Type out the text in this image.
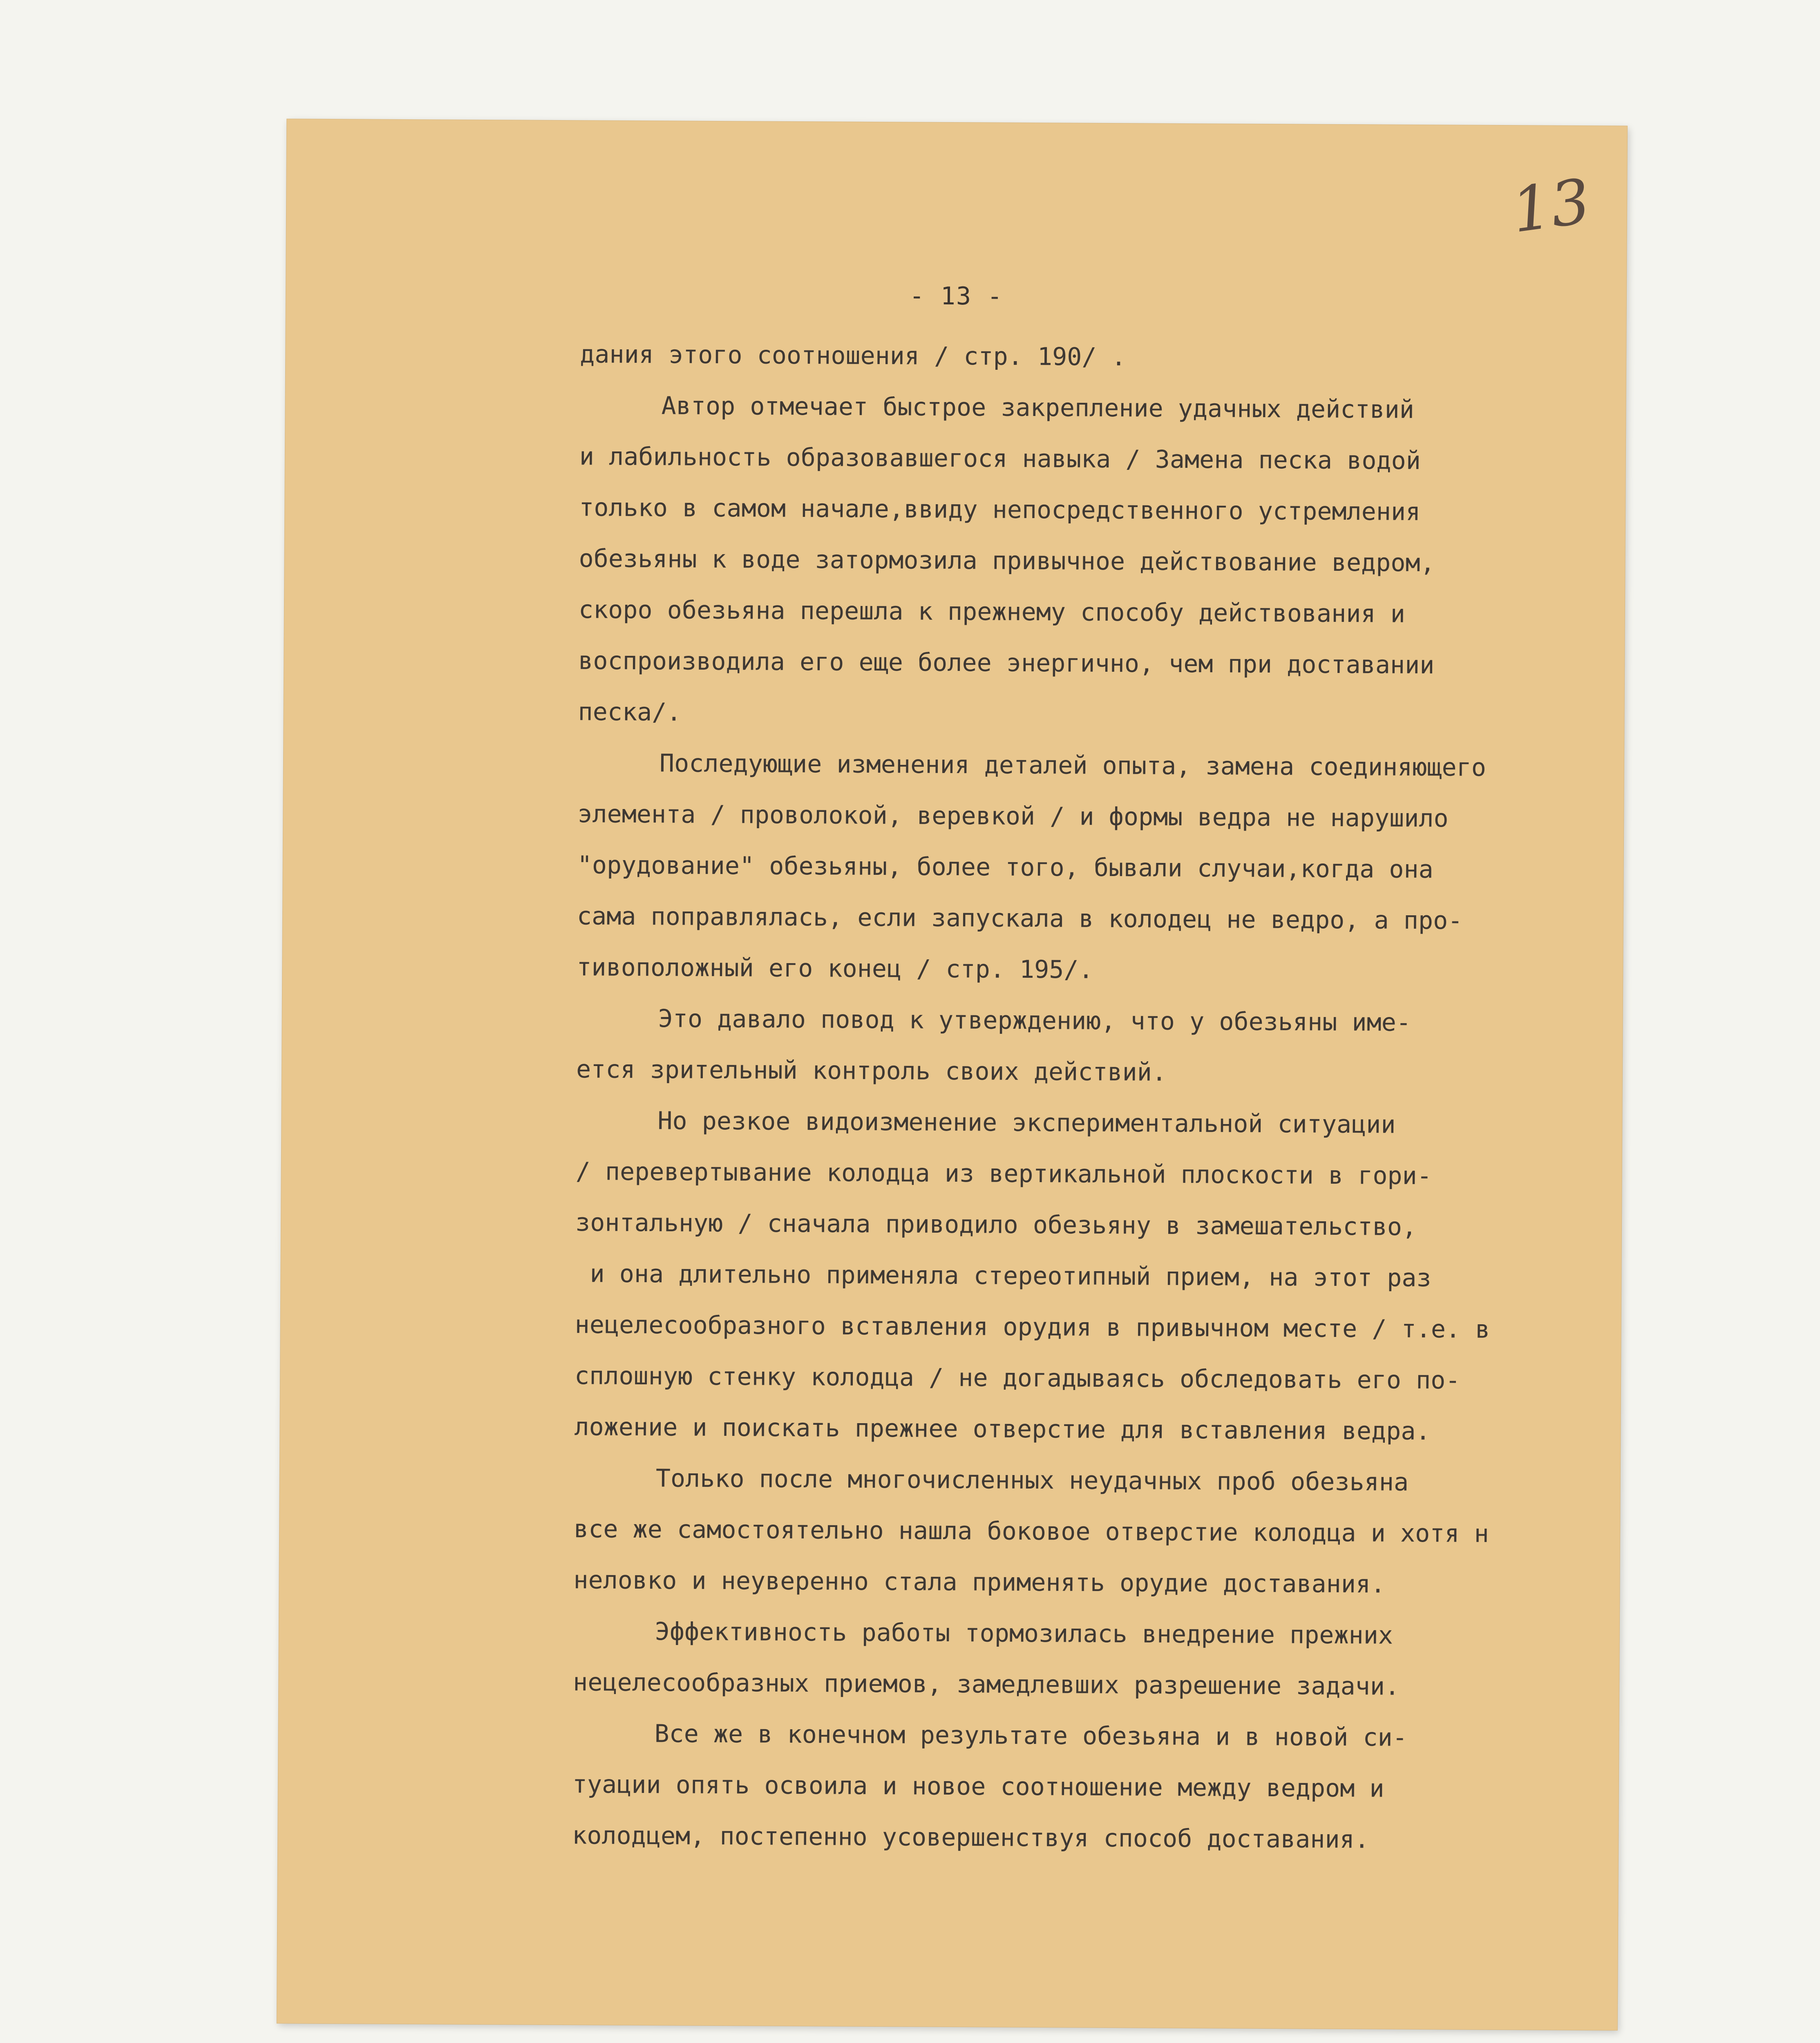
13
- 13 -
дания этого соотношения / стр. 190/ .
Автор отмечает быстрое закрепление удачных действий
и лабильность образовавшегося навыка / Замена песка водой
только в самом начале,ввиду непосредственного устремления
обезьяны к воде затормозила привычное действование ведром,
скоро обезьяна перешла к прежнему способу действования и
воспроизводила его еще более энергично, чем при доставании
песка/.
Последующие изменения деталей опыта, замена соединяющего
элемента / проволокой, веревкой / и формы ведра не нарушило
"орудование" обезьяны, более того, бывали случаи,когда она
сама поправлялась, если запускала в колодец не ведро, а про-
тивоположный его конец / стр. 195/.
Это давало повод к утверждению, что у обезьяны име-
ется зрительный контроль своих действий.
Но резкое видоизменение экспериментальной ситуации
/ перевертывание колодца из вертикальной плоскости в гори-
зонтальную / сначала приводило обезьяну в замешательство,
и она длительно применяла стереотипный прием, на этот раз
нецелесообразного вставления орудия в привычном месте / т.е. в
сплошную стенку колодца / не догадываясь обследовать его по-
ложение и поискать прежнее отверстие для вставления ведра.
Только после многочисленных неудачных проб обезьяна
все же самостоятельно нашла боковое отверстие колодца и хотя н
неловко и неуверенно стала применять орудие доставания.
Эффективность работы тормозилась внедрение прежних
нецелесообразных приемов, замедлевших разрешение задачи.
Все же в конечном результате обезьяна и в новой си-
туации опять освоила и новое соотношение между ведром и
колодцем, постепенно усовершенствуя способ доставания.
